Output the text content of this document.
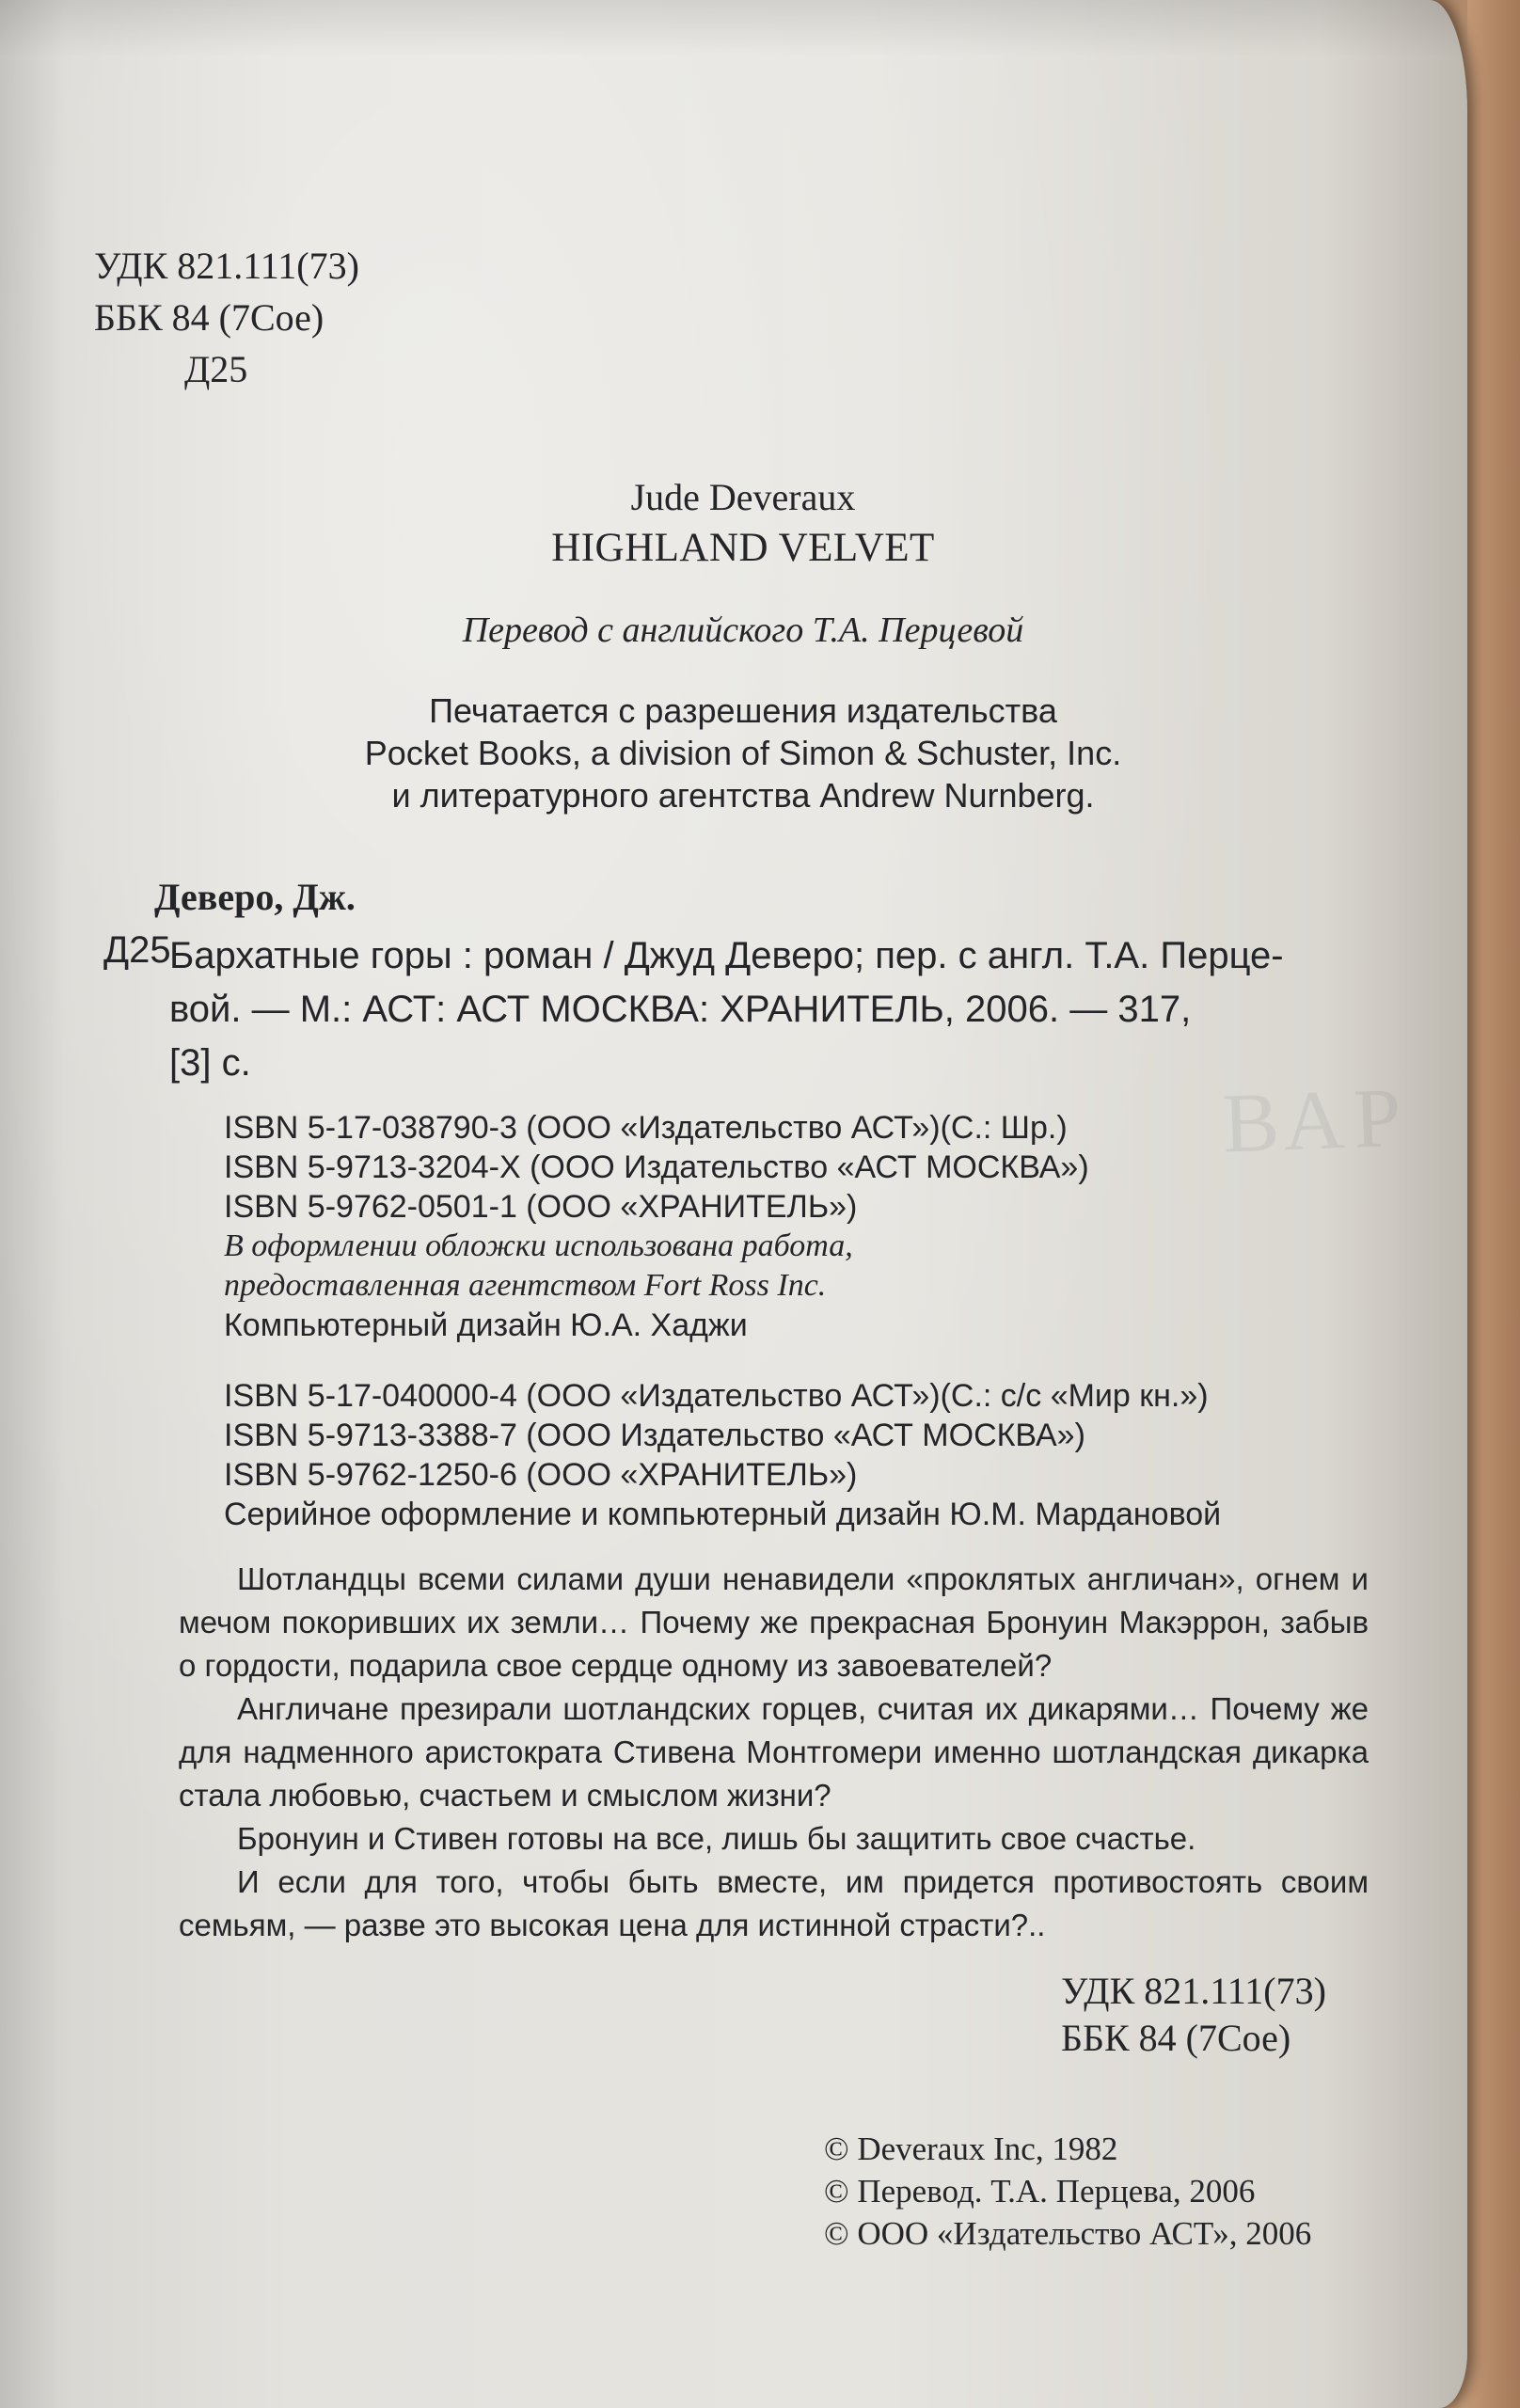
ВАР
УДК 821.111(73)
ББК 84 (7Сое)
Д25
Jude Deveraux
HIGHLAND VELVET
Перевод с английского Т.А. Перцевой
Печатается с разрешения издательства
Pocket Books, a division of Simon & Schuster, Inc.
и литературного агентства Andrew Nurnberg.
Деверо, Дж.
Д25
Бархатные горы : роман / Джуд Деверо; пер. с англ. Т.А. Перце-
вой. — М.: АСТ: АСТ МОСКВА: ХРАНИТЕЛЬ, 2006. — 317,
[3] с.
ISBN 5-17-038790-3 (ООО «Издательство АСТ»)(С.: Шр.)
ISBN 5-9713-3204-X (ООО Издательство «АСТ МОСКВА»)
ISBN 5-9762-0501-1 (ООО «ХРАНИТЕЛЬ»)
В оформлении обложки использована работа,
предоставленная агентством Fort Ross Inc.
Компьютерный дизайн Ю.А. Хаджи
ISBN 5-17-040000-4 (ООО «Издательство АСТ»)(С.: с/с «Мир кн.»)
ISBN 5-9713-3388-7 (ООО Издательство «АСТ МОСКВА»)
ISBN 5-9762-1250-6 (ООО «ХРАНИТЕЛЬ»)
Серийное оформление и компьютерный дизайн Ю.М. Мардановой

Шотландцы всеми силами души ненавидели «проклятых англичан», огнем и мечом покоривших их земли… Почему же прекрасная Бронуин Макэррон, забыв о гордости, подарила свое сердце одному из завоевателей?

Англичане презирали шотландских горцев, считая их дикарями… Почему же для надменного аристократа Стивена Монтгомери именно шотландская дикарка стала любовью, счастьем и смыслом жизни?

Бронуин и Стивен готовы на все, лишь бы защитить свое счастье.

И если для того, чтобы быть вместе, им придется противостоять своим семьям, — разве это высокая цена для истинной страсти?..

УДК 821.111(73)
ББК 84 (7Сое)
© Deveraux Inc, 1982
© Перевод. Т.А. Перцева, 2006
© ООО «Издательство АСТ», 2006
